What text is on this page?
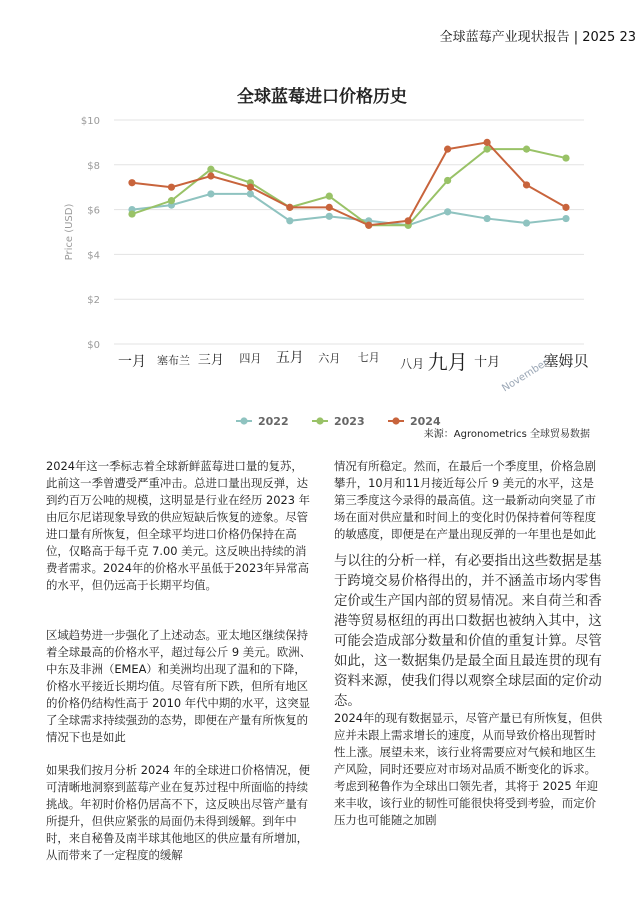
全球蓝莓产业现状报告 | 2025 23
全球蓝莓进口价格历史
$0
$2
$4
$6
$8
$10
Price (USD)
一月 塞布兰 三月 四月 五月 六月 七月 八月 九月 十月 November
塞姆贝
2022	2023	2024
来源：Agronometrics 全球贸易数据

2024年这一季标志着全球新鲜蓝莓进口量的复苏，此前这一季曾遭受严重冲击。总进口量出现反弹，达到约百万公吨的规模，这明显是行业在经历 2023 年由厄尔尼诺现象导致的供应短缺后恢复的迹象。尽管进口量有所恢复，但全球平均进口价格仍保持在高位，仅略高于每千克 7.00 美元。这反映出持续的消费者需求。2024年的价格水平虽低于2023年异常高的水平，但仍远高于长期平均值。

区域趋势进一步强化了上述动态。亚太地区继续保持着全球最高的价格水平，超过每公斤 9 美元。欧洲、中东及非洲（EMEA）和美洲均出现了温和的下降，价格水平接近长期均值。尽管有所下跌，但所有地区的价格仍结构性高于 2010 年代中期的水平，这突显了全球需求持续强劲的态势，即便在产量有所恢复的情况下也是如此

如果我们按月分析 2024 年的全球进口价格情况，便可清晰地洞察到蓝莓产业在复苏过程中所面临的持续挑战。年初时价格仍居高不下，这反映出尽管产量有所提升，但供应紧张的局面仍未得到缓解。到年中时，来自秘鲁及南半球其他地区的供应量有所增加，从而带来了一定程度的缓解

情况有所稳定。然而，在最后一个季度里，价格急剧攀升，10月和11月接近每公斤 9 美元的水平，这是第三季度这今录得的最高值。这一最新动向突显了市场在面对供应量和时间上的变化时仍保持着何等程度的敏感度，即便是在产量出现反弹的一年里也是如此

与以往的分析一样，有必要指出这些数据是基于跨境交易价格得出的，并不涵盖市场内零售定价或生产国内部的贸易情况。来自荷兰和香港等贸易枢纽的再出口数据也被纳入其中，这可能会造成部分数量和价值的重复计算。尽管如此，这一数据集仍是最全面且最连贯的现有资料来源，使我们得以观察全球层面的定价动态。

2024年的现有数据显示，尽管产量已有所恢复，但供应并未跟上需求增长的速度，从而导致价格出现暂时性上涨。展望未来，该行业将需要应对气候和地区生产风险，同时还要应对市场对品质不断变化的诉求。考虑到秘鲁作为全球出口领先者，其将于 2025 年迎来丰收，该行业的韧性可能很快将受到考验，而定价压力也可能随之加剧
